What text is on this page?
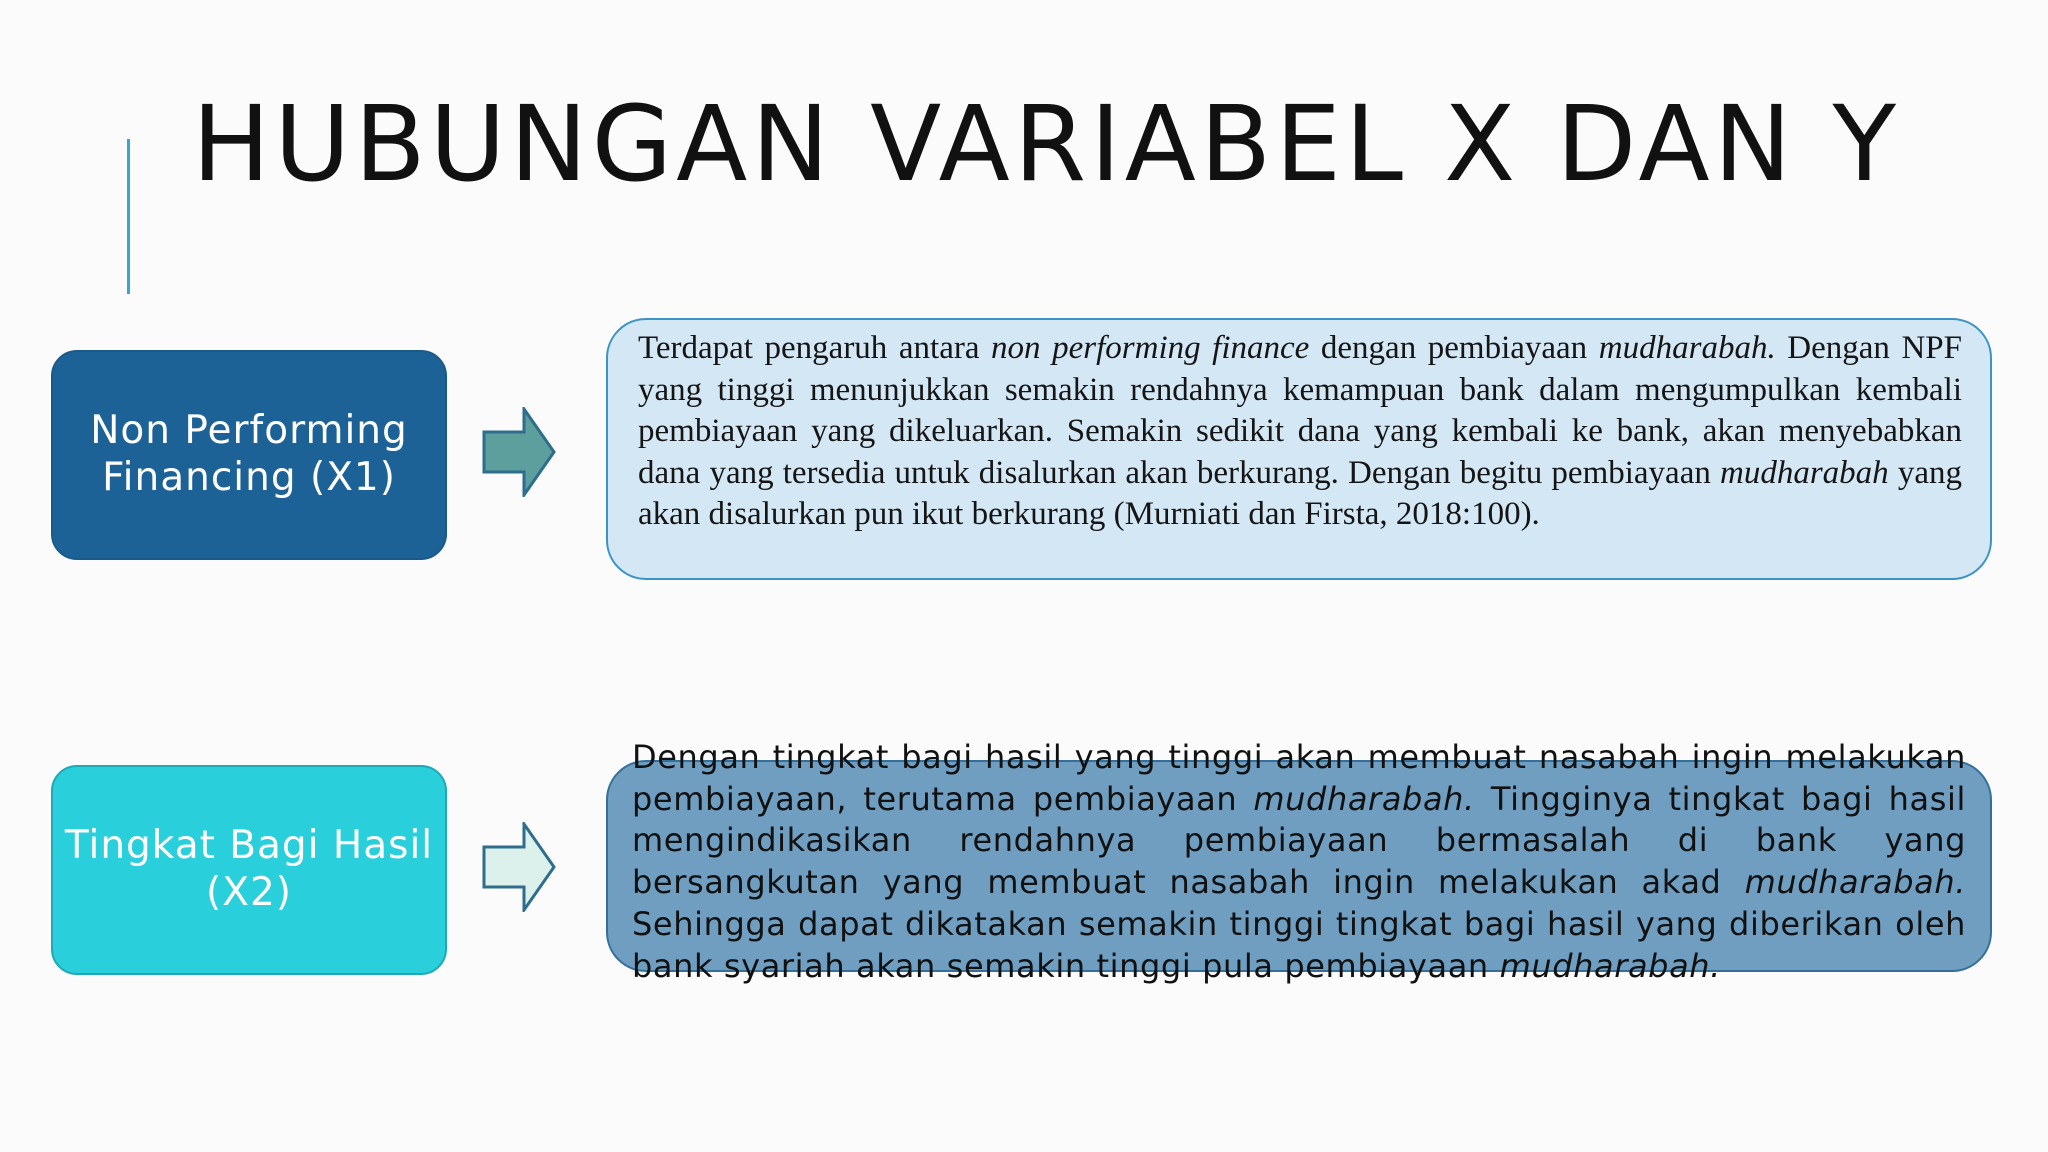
HUBUNGAN VARIABEL X DAN Y
Non Performing Financing (X1)

Terdapat pengaruh antara non performing finance dengan pembiayaan mudharabah. Dengan NPF yang tinggi menunjukkan semakin rendahnya kemampuan bank dalam mengumpulkan kembali pembiayaan yang dikeluarkan. Semakin sedikit dana yang kembali ke bank, akan menyebabkan dana yang tersedia untuk disalurkan akan berkurang. Dengan begitu pembiayaan mudharabah yang akan disalurkan pun ikut berkurang (Murniati dan Firsta, 2018:100).

Tingkat Bagi Hasil (X2)

Dengan tingkat bagi hasil yang tinggi akan membuat nasabah ingin melakukan pembiayaan, terutama pembiayaan mudharabah. Tingginya tingkat bagi hasil mengindikasikan rendahnya pembiayaan bermasalah di bank yang bersangkutan yang membuat nasabah ingin melakukan akad mudharabah. Sehingga dapat dikatakan semakin tinggi tingkat bagi hasil yang diberikan oleh bank syariah akan semakin tinggi pula pembiayaan mudharabah.
